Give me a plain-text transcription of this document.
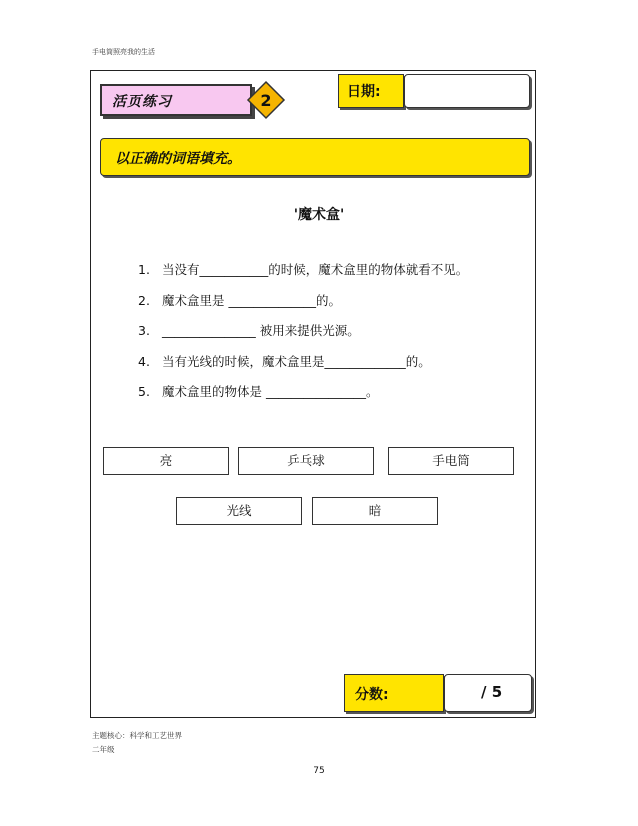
手电筒照亮我的生活
活页练习	2	日期:
以正确的词语填充。
'魔术盒'
1. 当没有___________的时候，魔术盒里的物体就看不见。
2. 魔术盒里是 ______________的。
3. _______________ 被用来提供光源。
4. 当有光线的时候，魔术盒里是_____________的。
5. 魔术盒里的物体是 ________________。
亮	乒乓球	手电筒
光线	暗
分数:	/ 5
主题核心：科学和工艺世界
二年级
75
